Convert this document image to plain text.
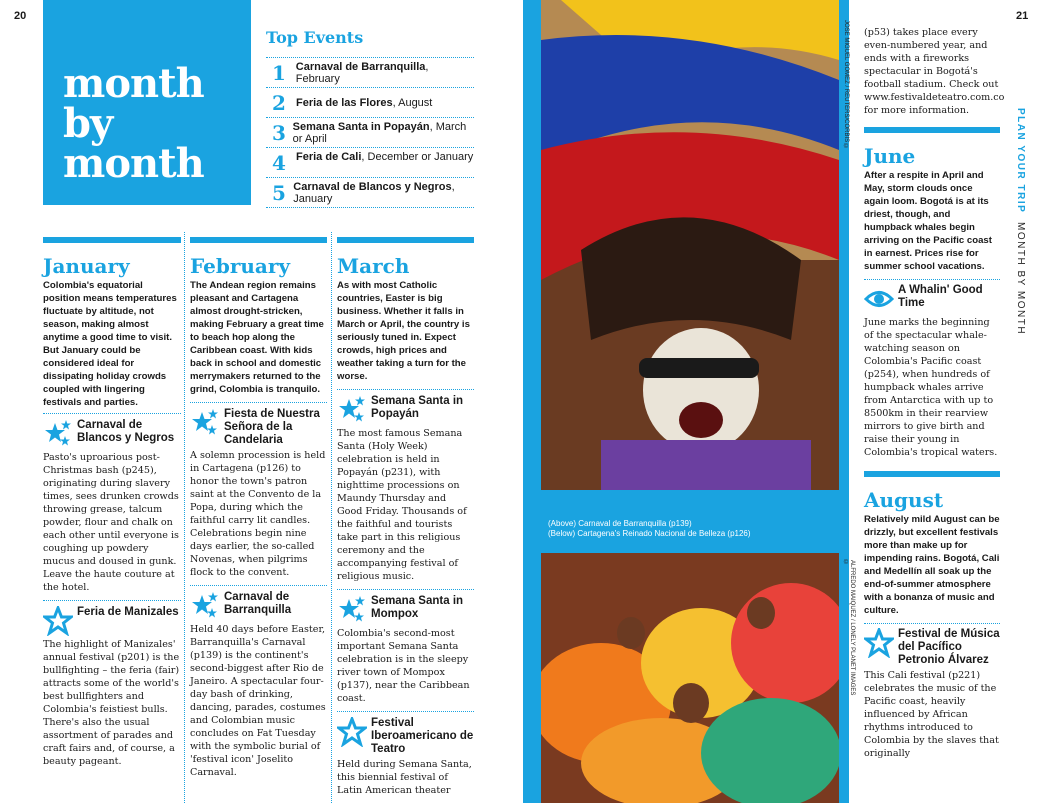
20	21
month
by
month
Top Events
1 Carnaval de Barranquilla, February
2 Feria de las Flores, August
3 Semana Santa in Popayán, March or April
4 Feria de Cali, December or January
5 Carnaval de Blancos y Negros, January
January
Colombia's equatorial position means temperatures fluctuate by altitude, not season, making almost anytime a good time to visit. But January could be considered ideal for dissipating holiday crowds coupled with lingering festivals and parties.
Carnaval de Blancos y Negros
Pasto's uproarious post-Christmas bash (p245), originating during slavery times, sees drunken crowds throwing grease, talcum powder, flour and chalk on each other until everyone is coughing up powdery mucus and doused in gunk. Leave the haute couture at the hotel.
Feria de Manizales
The highlight of Manizales' annual festival (p201) is the bullfighting – the feria (fair) attracts some of the world's best bullfighters and Colombia's feistiest bulls. There's also the usual assortment of parades and craft fairs and, of course, a beauty pageant.
February
The Andean region remains pleasant and Cartagena almost drought-stricken, making February a great time to beach hop along the Caribbean coast. With kids back in school and domestic merrymakers returned to the grind, Colombia is tranquilo.
Fiesta de Nuestra Señora de la Candelaria
A solemn procession is held in Cartagena (p126) to honor the town's patron saint at the Convento de la Popa, during which the faithful carry lit candles. Celebrations begin nine days earlier, the so-called Novenas, when pilgrims flock to the convent.
Carnaval de Barranquilla
Held 40 days before Easter, Barranquilla's Carnaval (p139) is the continent's second-biggest after Rio de Janeiro. A spectacular four-day bash of drinking, dancing, parades, costumes and Colombian music concludes on Fat Tuesday with the symbolic burial of 'festival icon' Joselito Carnaval.
March
As with most Catholic countries, Easter is big business. Whether it falls in March or April, the country is seriously tuned in. Expect crowds, high prices and weather taking a turn for the worse.
Semana Santa in Popayán
The most famous Semana Santa (Holy Week) celebration is held in Popayán (p231), with nighttime processions on Maundy Thursday and Good Friday. Thousands of the faithful and tourists take part in this religious ceremony and the accompanying festival of religious music.
Semana Santa in Mompox
Colombia's second-most important Semana Santa celebration is in the sleepy river town of Mompox (p137), near the Caribbean coast.
Festival Iberoamericano de Teatro
Held during Semana Santa, this biennial festival of Latin American theater
JOSE MIGUEL GOMEZ / REUTERS/CORBIS ©
(Above) Carnaval de Barranquilla (p139)
(Below) Cartagena's Reinado Nacional de Belleza (p126)
ALFREDO MAIQUEZ / LONELY PLANET IMAGES ©
(p53) takes place every even-numbered year, and ends with a fireworks spectacular in Bogotá's football stadium. Check out www.festivaldeteatro.com.co for more information.
June
After a respite in April and May, storm clouds once again loom. Bogotá is at its driest, though, and humpback whales begin arriving on the Pacific coast in earnest. Prices rise for summer school vacations.
A Whalin' Good Time
June marks the beginning of the spectacular whale-watching season on Colombia's Pacific coast (p254), when hundreds of humpback whales arrive from Antarctica with up to 8500km in their rearview mirrors to give birth and raise their young in Colombia's tropical waters.
August
Relatively mild August can be drizzly, but excellent festivals more than make up for impending rains. Bogotá, Cali and Medellín all soak up the end-of-summer atmosphere with a bonanza of music and culture.
Festival de Música del Pacífico Petronio Álvarez
This Cali festival (p221) celebrates the music of the Pacific coast, heavily influenced by African rhythms introduced to Colombia by the slaves that originally
PLAN YOUR TRIP MONTH BY MONTH
